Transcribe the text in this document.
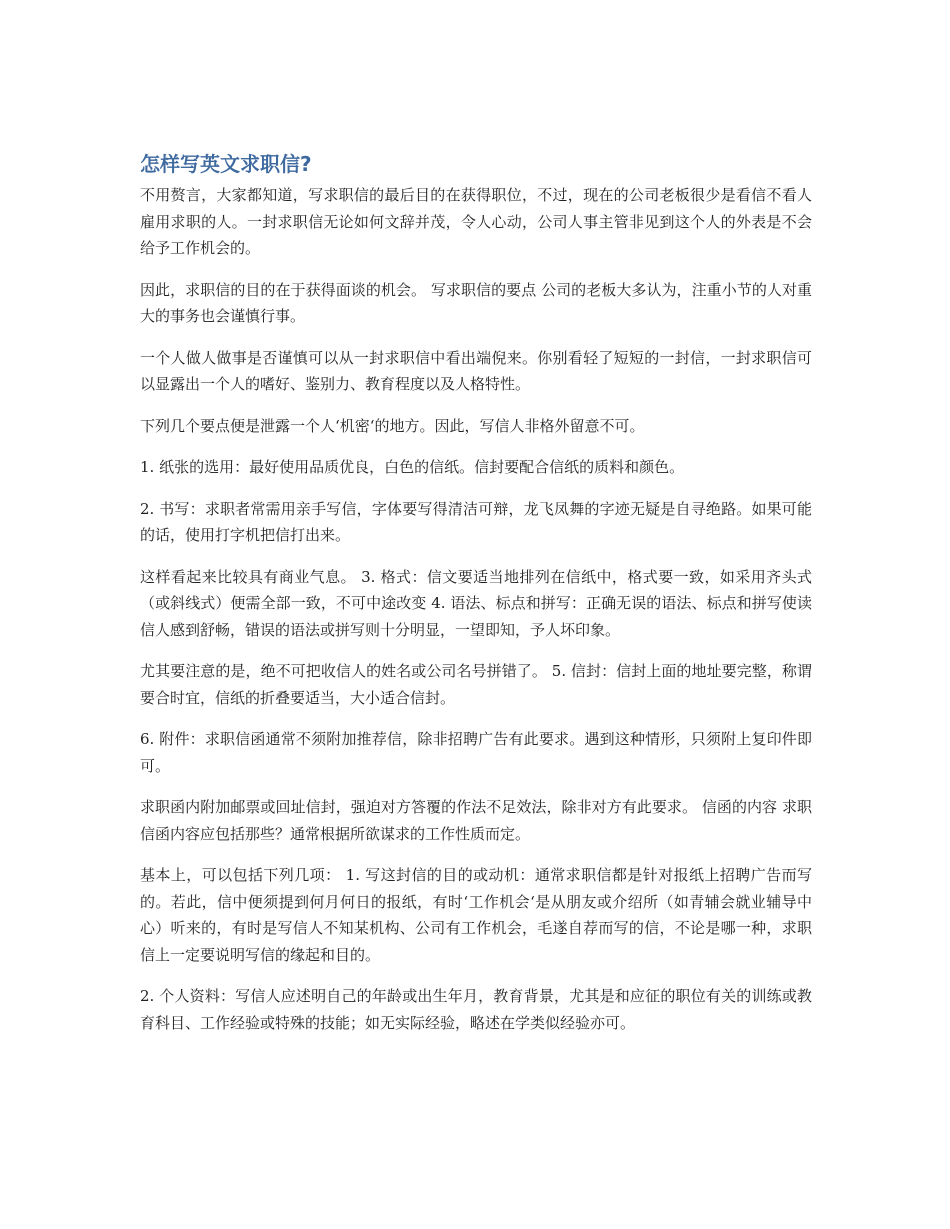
怎样写英文求职信?

不用赘言，大家都知道，写求职信的最后目的在获得职位，不过，现在的公司老板很少是看信不看人雇用求职的人。一封求职信无论如何文辞并茂，令人心动，公司人事主管非见到这个人的外表是不会给予工作机会的。

因此，求职信的目的在于获得面谈的机会。 写求职信的要点 公司的老板大多认为，注重小节的人对重大的事务也会谨慎行事。

一个人做人做事是否谨慎可以从一封求职信中看出端倪来。你别看轻了短短的一封信，一封求职信可以显露出一个人的嗜好、鉴别力、教育程度以及人格特性。

下列几个要点便是泄露一个人‘机密‘的地方。因此，写信人非格外留意不可。

1. 纸张的选用：最好使用品质优良，白色的信纸。信封要配合信纸的质料和颜色。

2. 书写：求职者常需用亲手写信，字体要写得清洁可辩，龙飞凤舞的字迹无疑是自寻绝路。如果可能的话，使用打字机把信打出来。

这样看起来比较具有商业气息。 3. 格式：信文要适当地排列在信纸中，格式要一致，如采用齐头式（或斜线式）便需全部一致，不可中途改变 4. 语法、标点和拼写：正确无误的语法、标点和拼写使读信人感到舒畅，错误的语法或拼写则十分明显，一望即知，予人坏印象。

尤其要注意的是，绝不可把收信人的姓名或公司名号拼错了。 5. 信封：信封上面的地址要完整，称谓要合时宜，信纸的折叠要适当，大小适合信封。

6. 附件：求职信函通常不须附加推荐信，除非招聘广告有此要求。遇到这种情形，只须附上复印件即可。

求职函内附加邮票或回址信封，强迫对方答覆的作法不足效法，除非对方有此要求。 信函的内容 求职信函内容应包括那些？通常根据所欲谋求的工作性质而定。

基本上，可以包括下列几项： 1. 写这封信的目的或动机：通常求职信都是针对报纸上招聘广告而写的。若此，信中便须提到何月何日的报纸，有时‘工作机会‘是从朋友或介绍所（如青辅会就业辅导中心）听来的，有时是写信人不知某机构、公司有工作机会，毛遂自荐而写的信，不论是哪一种，求职信上一定要说明写信的缘起和目的。

2. 个人资料：写信人应述明自己的年龄或出生年月，教育背景，尤其是和应征的职位有关的训练或教育科目、工作经验或特殊的技能；如无实际经验，略述在学类似经验亦可。
